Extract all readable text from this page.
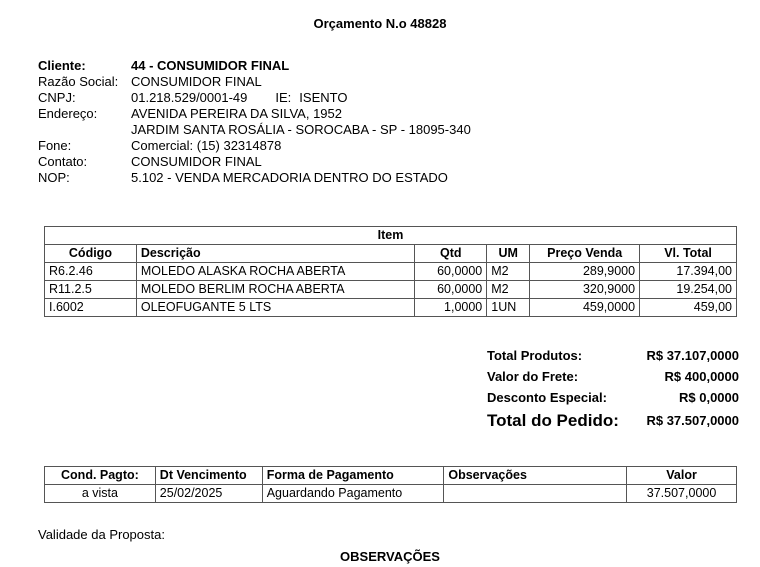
Orçamento N.o 48828
Cliente:	44 - CONSUMIDOR FINAL
Razão Social: CONSUMIDOR FINAL
CNPJ:	01.218.529/0001-49 IE: ISENTO
Endereço:	AVENIDA PEREIRA DA SILVA, 1952
JARDIM SANTA ROSÁLIA - SOROCABA - SP - 18095-340
Fone:	Comercial: (15) 32314878
Contato:	CONSUMIDOR FINAL
NOP:	5.102 - VENDA MERCADORIA DENTRO DO ESTADO
Item					
Código	Descrição	Qtd	UM	Preço Venda	Vl. Total
R6.2.46	MOLEDO ALASKA ROCHA ABERTA	60,0000	M2	289,9000	17.394,00
R11.2.5	MOLEDO BERLIM ROCHA ABERTA	60,0000	M2	320,9000	19.254,00
I.6002	OLEOFUGANTE 5 LTS	1,0000	1UN	459,0000	459,00
Total Produtos:	R$ 37.107,0000
Valor do Frete:	R$ 400,0000
Desconto Especial:	R$ 0,0000
Total do Pedido: R$ 37.507,0000
Cond. Pagto:	Dt Vencimento	Forma de Pagamento	Observações	Valor
a vista	25/02/2025	Aguardando Pagamento		37.507,0000
Validade da Proposta:
OBSERVAÇÕES
